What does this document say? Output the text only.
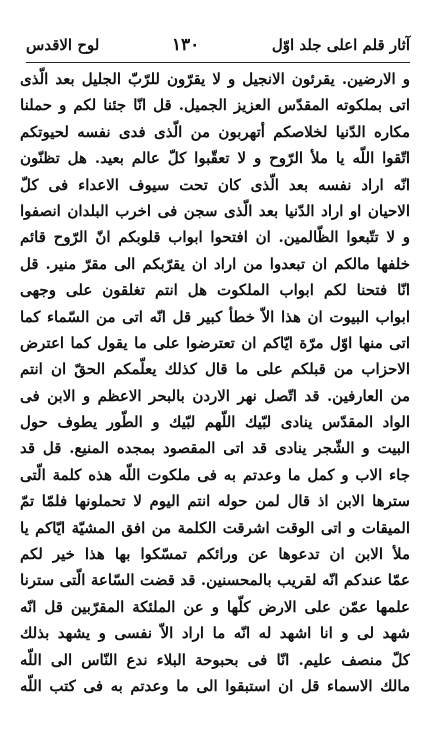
آثار قلم اعلی جلد اوّل
١٣٠
لوح الاقدس
و الارضين. يقرئون الانجيل و لا يقرّون للرّبّ الجليل بعد الّذى
اتى بملكوته المقدّس العزيز الجميل. قل انّا جئنا لكم و حملنا
مكاره الدّنيا لخلاصكم أتهربون من الّذى فدى نفسه لحيوتكم
اتّقوا اللّه يا ملأ الرّوح و لا تعقّبوا كلّ عالم بعيد. هل تظنّون
انّه اراد نفسه بعد الّذى كان تحت سيوف الاعداء فى كلّ
الاحيان او اراد الدّنيا بعد الّذى سجن فى اخرب البلدان انصفوا
و لا تتّبعوا الظّالمين. ان افتحوا ابواب قلوبكم انّ الرّوح قائم
خلفها مالكم ان تبعدوا من اراد ان يقرّبكم الى مقرّ منير. قل
انّا فتحنا لكم ابواب الملكوت هل انتم تغلقون على وجهى
ابواب البيوت ان هذا الاّ خطأ كبير قل انّه اتى من السّماء كما
اتى منها اوّل مرّة ايّاكم ان تعترضوا على ما يقول كما اعترض
الاحزاب من قبلكم على ما قال كذلك يعلّمكم الحقّ ان انتم
من العارفين. قد اتّصل نهر الاردن بالبحر الاعظم و الابن فى
الواد المقدّس ينادى لبّيك اللّهم لبّيك و الطّور يطوف حول
البيت و الشّجر ينادى قد اتى المقصود بمجده المنيع. قل قد
جاء الاب و كمل ما وعدتم به فى ملكوت اللّه هذه كلمة الّتى
سترها الابن اذ قال لمن حوله انتم اليوم لا تحملونها فلمّا تمّ
الميقات و اتى الوقت اشرقت الكلمة من افق المشيّة ايّاكم يا
ملأ الابن ان تدعوها عن ورائكم تمسّكوا بها هذا خير لكم
عمّا عندكم انّه لقريب بالمحسنين. قد قضت السّاعة الّتى سترنا
علمها عمّن على الارض كلّها و عن الملئكة المقرّبين قل انّه
شهد لى و انا اشهد له انّه ما اراد الاّ نفسى و يشهد بذلك
كلّ منصف عليم. انّا فى بحبوحة البلاء ندع النّاس الى اللّه
مالك الاسماء قل ان استبقوا الى ما وعدتم به فى كتب اللّه
